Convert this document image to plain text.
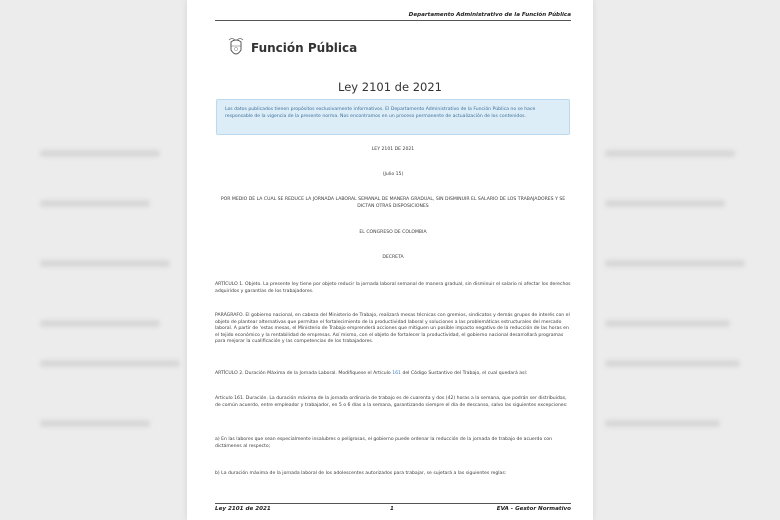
Departamento Administrativo de la Función Pública
Función Pública
Ley 2101 de 2021
Los datos publicados tienen propósitos exclusivamente informativos. El Departamento Administrativo de la Función Pública no se hace responsable de la vigencia de la presente norma. Nos encontramos en un proceso permanente de actualización de los contenidos.
LEY 2101 DE 2021
(Julio 15)
POR MEDIO DE LA CUAL SE REDUCE LA JORNADA LABORAL SEMANAL DE MANERA GRADUAL, SIN DISMINUIR EL SALARIO DE LOS TRABAJADORES Y SE DICTAN OTRAS DISPOSICIONES
EL CONGRESO DE COLOMBIA
DECRETA
ARTÍCULO 1. Objeto. La presente ley tiene por objeto reducir la jornada laboral semanal de manera gradual, sin disminuir el salario ni afectar los derechos adquiridos y garantías de los trabajadores.
PARÁGRAFO. El gobierno nacional, en cabeza del Ministerio de Trabajo, realizará mesas técnicas con gremios, sindicatos y demás grupos de interés con el objeto de plantear alternativas que permitan el fortalecimiento de la productividad laboral y soluciones a las problemáticas estructurales del mercado laboral. A partir de 'estas mesas, el Ministerio de Trabajo emprenderá acciones que mitiguen un posible impacto negativo de la reducción de las horas en el tejido económico y la rentabilidad de empresas. Así mismo, con el objeto de fortalecer la productividad, el gobierno nacional desarrollará programas para mejorar la cualificación y las competencias de los trabajadores.
ARTÍCULO 2. Duración Máxima de la Jornada Laboral. Modifíquese el Artículo 161 del Código Sustantivo del Trabajo, el cual quedará así:
Artículo 161. Duración. La duración máxima de la jornada ordinaria de trabajo es de cuarenta y dos (42) horas a la semana, que podrán ser distribuidas, de común acuerdo, entre empleador y trabajador, en 5 o 6 días a la semana, garantizando siempre el día de descanso, salvo las siguientes excepciones:
a) En las labores que sean especialmente insalubres o peligrosas, el gobierno puede ordenar la reducción de la jornada de trabajo de acuerdo con dictámenes al respecto;
b) La duración máxima de la jornada laboral de los adolescentes autorizados para trabajar, se sujetará a las siguientes reglas:
Ley 2101 de 2021	1	EVA - Gestor Normativo
